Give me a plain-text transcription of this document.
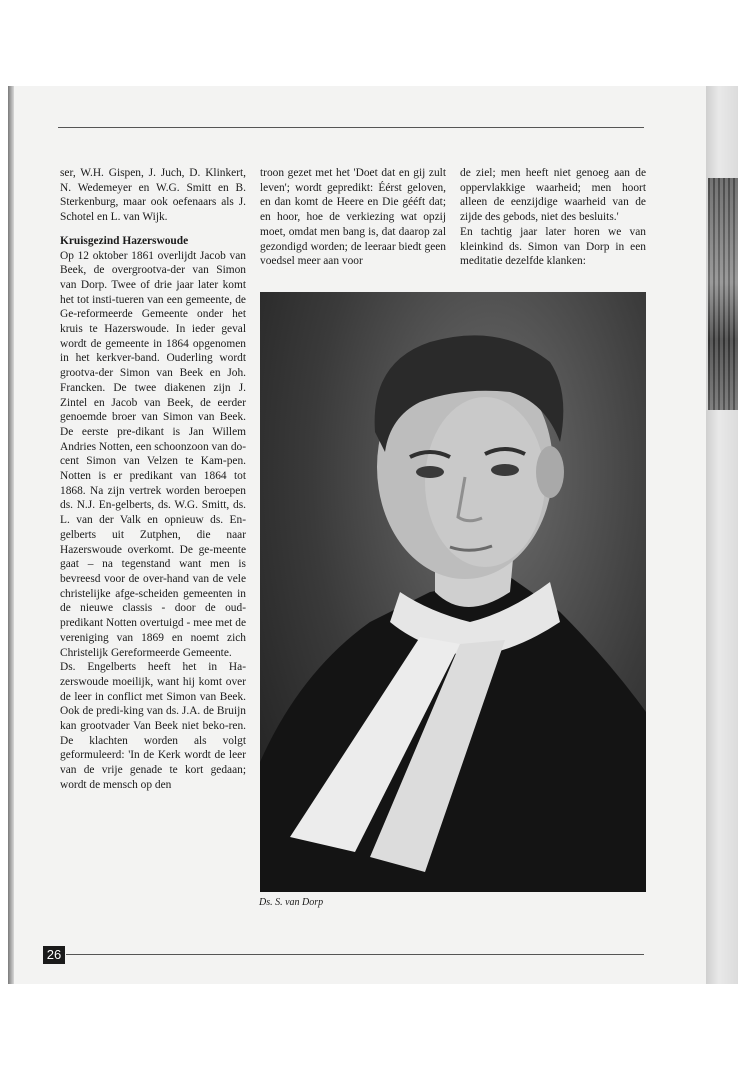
ser, W.H. Gispen, J. Juch, D. Klinkert, N. Wedemeyer en W.G. Smitt en B. Sterkenburg, maar ook oefenaars als J. Schotel en L. van Wijk.

Kruisgezind Hazerswoude

Op 12 oktober 1861 overlijdt Jacob van Beek, de overgrootva-der van Simon van Dorp. Twee of drie jaar later komt het tot insti-tueren van een gemeente, de Ge-reformeerde Gemeente onder het kruis te Hazerswoude. In ieder geval wordt de gemeente in 1864 opgenomen in het kerkver-band. Ouderling wordt grootva-der Simon van Beek en Joh. Francken. De twee diakenen zijn J. Zintel en Jacob van Beek, de eerder genoemde broer van Simon van Beek. De eerste pre-dikant is Jan Willem Andries Notten, een schoonzoon van do-cent Simon van Velzen te Kam-pen. Notten is er predikant van 1864 tot 1868. Na zijn vertrek worden beroepen ds. N.J. En-gelberts, ds. W.G. Smitt, ds. L. van der Valk en opnieuw ds. En-gelberts uit Zutphen, die naar Hazerswoude overkomt. De ge-meente gaat – na tegenstand want men is bevreesd voor de over-hand van de vele christelijke afge-scheiden gemeenten in de nieuwe classis - door de oud-predikant Notten overtuigd - mee met de vereniging van 1869 en noemt zich Christelijk Gereformeerde Gemeente.

Ds. Engelberts heeft het in Ha-zerswoude moeilijk, want hij komt over de leer in conflict met Simon van Beek. Ook de predi-king van ds. J.A. de Bruijn kan grootvader Van Beek niet beko-ren. De klachten worden als volgt geformuleerd: 'In de Kerk wordt de leer van de vrije genade te kort gedaan; wordt de mensch op den

troon gezet met het 'Doet dat en gij zult leven'; wordt gepredikt: Éérst geloven, en dan komt de Heere en Die gééft dat; en hoor, hoe de verkiezing wat opzij moet, omdat men bang is, dat daarop zal gezondigd worden; de leeraar biedt geen voedsel meer aan voor

de ziel; men heeft niet genoeg aan de oppervlakkige waarheid; men hoort alleen de eenzijdige waarheid van de zijde des gebods, niet des besluits.'

En tachtig jaar later horen we van kleinkind ds. Simon van Dorp in een meditatie dezelfde klanken:

Ds. S. van Dorp
26
